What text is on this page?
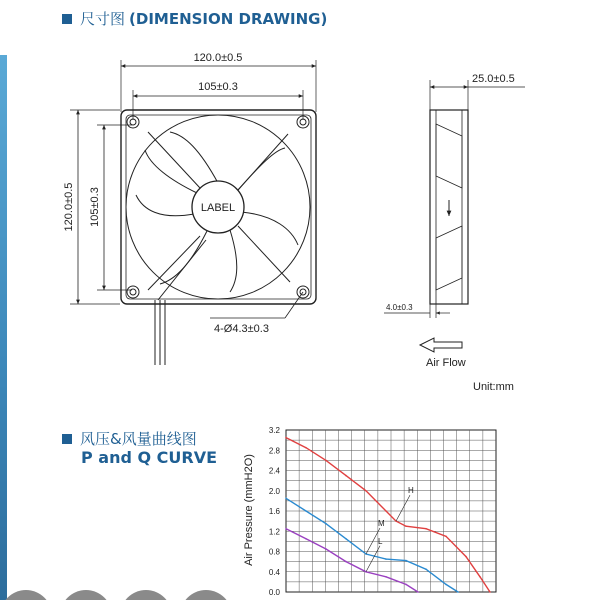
尺寸图 (DIMENSION DRAWING)
120.0±0.5
105±0.3
120.0±0.5 105±0.3	LABEL
4-Ø4.3±0.3
25.0±0.5
4.0±0.3
Air Flow
Unit:mm
3.2
2.8
2.4
2.0
1.6
1.2
0.8
0.4
0.0
H
M
L
Air Pressure (mmH2O)
风压&风量曲线图
P and Q CURVE
